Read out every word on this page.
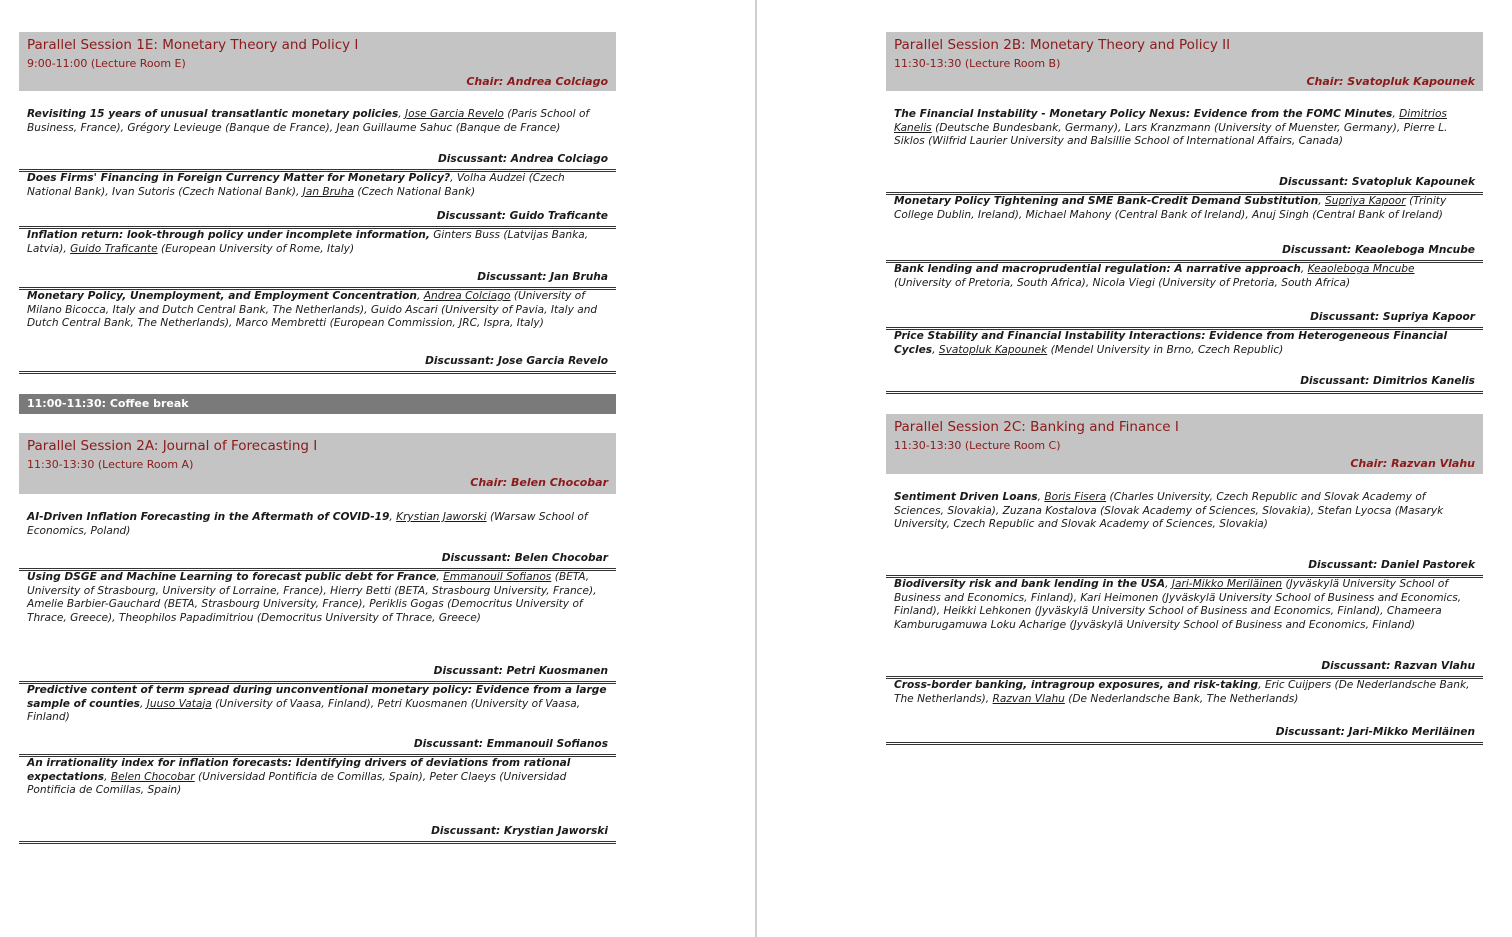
Parallel Session 1E: Monetary Theory and Policy I
9:00-11:00 (Lecture Room E)
Chair: Andrea Colciago
Revisiting 15 years of unusual transatlantic monetary policies, Jose Garcia Revelo (Paris School of Business, France), Grégory Levieuge (Banque de France), Jean Guillaume Sahuc (Banque de France)
Discussant: Andrea Colciago
Does Firms' Financing in Foreign Currency Matter for Monetary Policy?, Volha Audzei (Czech National Bank), Ivan Sutoris (Czech National Bank), Jan Bruha (Czech National Bank)
Discussant: Guido Traficante
Inflation return: look-through policy under incomplete information, Ginters Buss (Latvijas Banka, Latvia), Guido Traficante (European University of Rome, Italy)
Discussant: Jan Bruha
Monetary Policy, Unemployment, and Employment Concentration, Andrea Colciago (University of Milano Bicocca, Italy and Dutch Central Bank, The Netherlands), Guido Ascari (University of Pavia, Italy and Dutch Central Bank, The Netherlands), Marco Membretti (European Commission, JRC, Ispra, Italy)
Discussant: Jose Garcia Revelo
11:00-11:30: Coffee break
Parallel Session 2A: Journal of Forecasting I
11:30-13:30 (Lecture Room A)
Chair: Belen Chocobar
AI-Driven Inflation Forecasting in the Aftermath of COVID-19, Krystian Jaworski (Warsaw School of Economics, Poland)
Discussant: Belen Chocobar
Using DSGE and Machine Learning to forecast public debt for France, Emmanouil Sofianos (BETA, University of Strasbourg, University of Lorraine, France), Hierry Betti (BETA, Strasbourg University, France), Amelie Barbier-Gauchard (BETA, Strasbourg University, France), Periklis Gogas (Democritus University of Thrace, Greece), Theophilos Papadimitriou (Democritus University of Thrace, Greece)
Discussant: Petri Kuosmanen
Predictive content of term spread during unconventional monetary policy: Evidence from a large sample of counties, Juuso Vataja (University of Vaasa, Finland), Petri Kuosmanen (University of Vaasa, Finland)
Discussant: Emmanouil Sofianos
An irrationality index for inflation forecasts: Identifying drivers of deviations from rational expectations, Belen Chocobar (Universidad Pontificia de Comillas, Spain), Peter Claeys (Universidad Pontificia de Comillas, Spain)
Discussant: Krystian Jaworski
Parallel Session 2B: Monetary Theory and Policy II
11:30-13:30 (Lecture Room B)
Chair: Svatopluk Kapounek
The Financial Instability - Monetary Policy Nexus: Evidence from the FOMC Minutes, Dimitrios Kanelis (Deutsche Bundesbank, Germany), Lars Kranzmann (University of Muenster, Germany), Pierre L. Siklos (Wilfrid Laurier University and Balsillie School of International Affairs, Canada)
Discussant: Svatopluk Kapounek
Monetary Policy Tightening and SME Bank-Credit Demand Substitution, Supriya Kapoor (Trinity College Dublin, Ireland), Michael Mahony (Central Bank of Ireland), Anuj Singh (Central Bank of Ireland)
Discussant: Keaoleboga Mncube
Bank lending and macroprudential regulation: A narrative approach, Keaoleboga Mncube (University of Pretoria, South Africa), Nicola Viegi (University of Pretoria, South Africa)
Discussant: Supriya Kapoor
Price Stability and Financial Instability Interactions: Evidence from Heterogeneous Financial Cycles, Svatopluk Kapounek (Mendel University in Brno, Czech Republic)
Discussant: Dimitrios Kanelis
Parallel Session 2C: Banking and Finance I
11:30-13:30 (Lecture Room C)
Chair: Razvan Vlahu
Sentiment Driven Loans, Boris Fisera (Charles University, Czech Republic and Slovak Academy of Sciences, Slovakia), Zuzana Kostalova (Slovak Academy of Sciences, Slovakia), Stefan Lyocsa (Masaryk University, Czech Republic and Slovak Academy of Sciences, Slovakia)
Discussant: Daniel Pastorek
Biodiversity risk and bank lending in the USA, Jari-Mikko Meriläinen (Jyväskylä University School of Business and Economics, Finland), Kari Heimonen (Jyväskylä University School of Business and Economics, Finland), Heikki Lehkonen (Jyväskylä University School of Business and Economics, Finland), Chameera Kamburugamuwa Loku Acharige (Jyväskylä University School of Business and Economics, Finland)
Discussant: Razvan Vlahu
Cross-border banking, intragroup exposures, and risk-taking, Eric Cuijpers (De Nederlandsche Bank, The Netherlands), Razvan Vlahu (De Nederlandsche Bank, The Netherlands)
Discussant: Jari-Mikko Meriläinen
